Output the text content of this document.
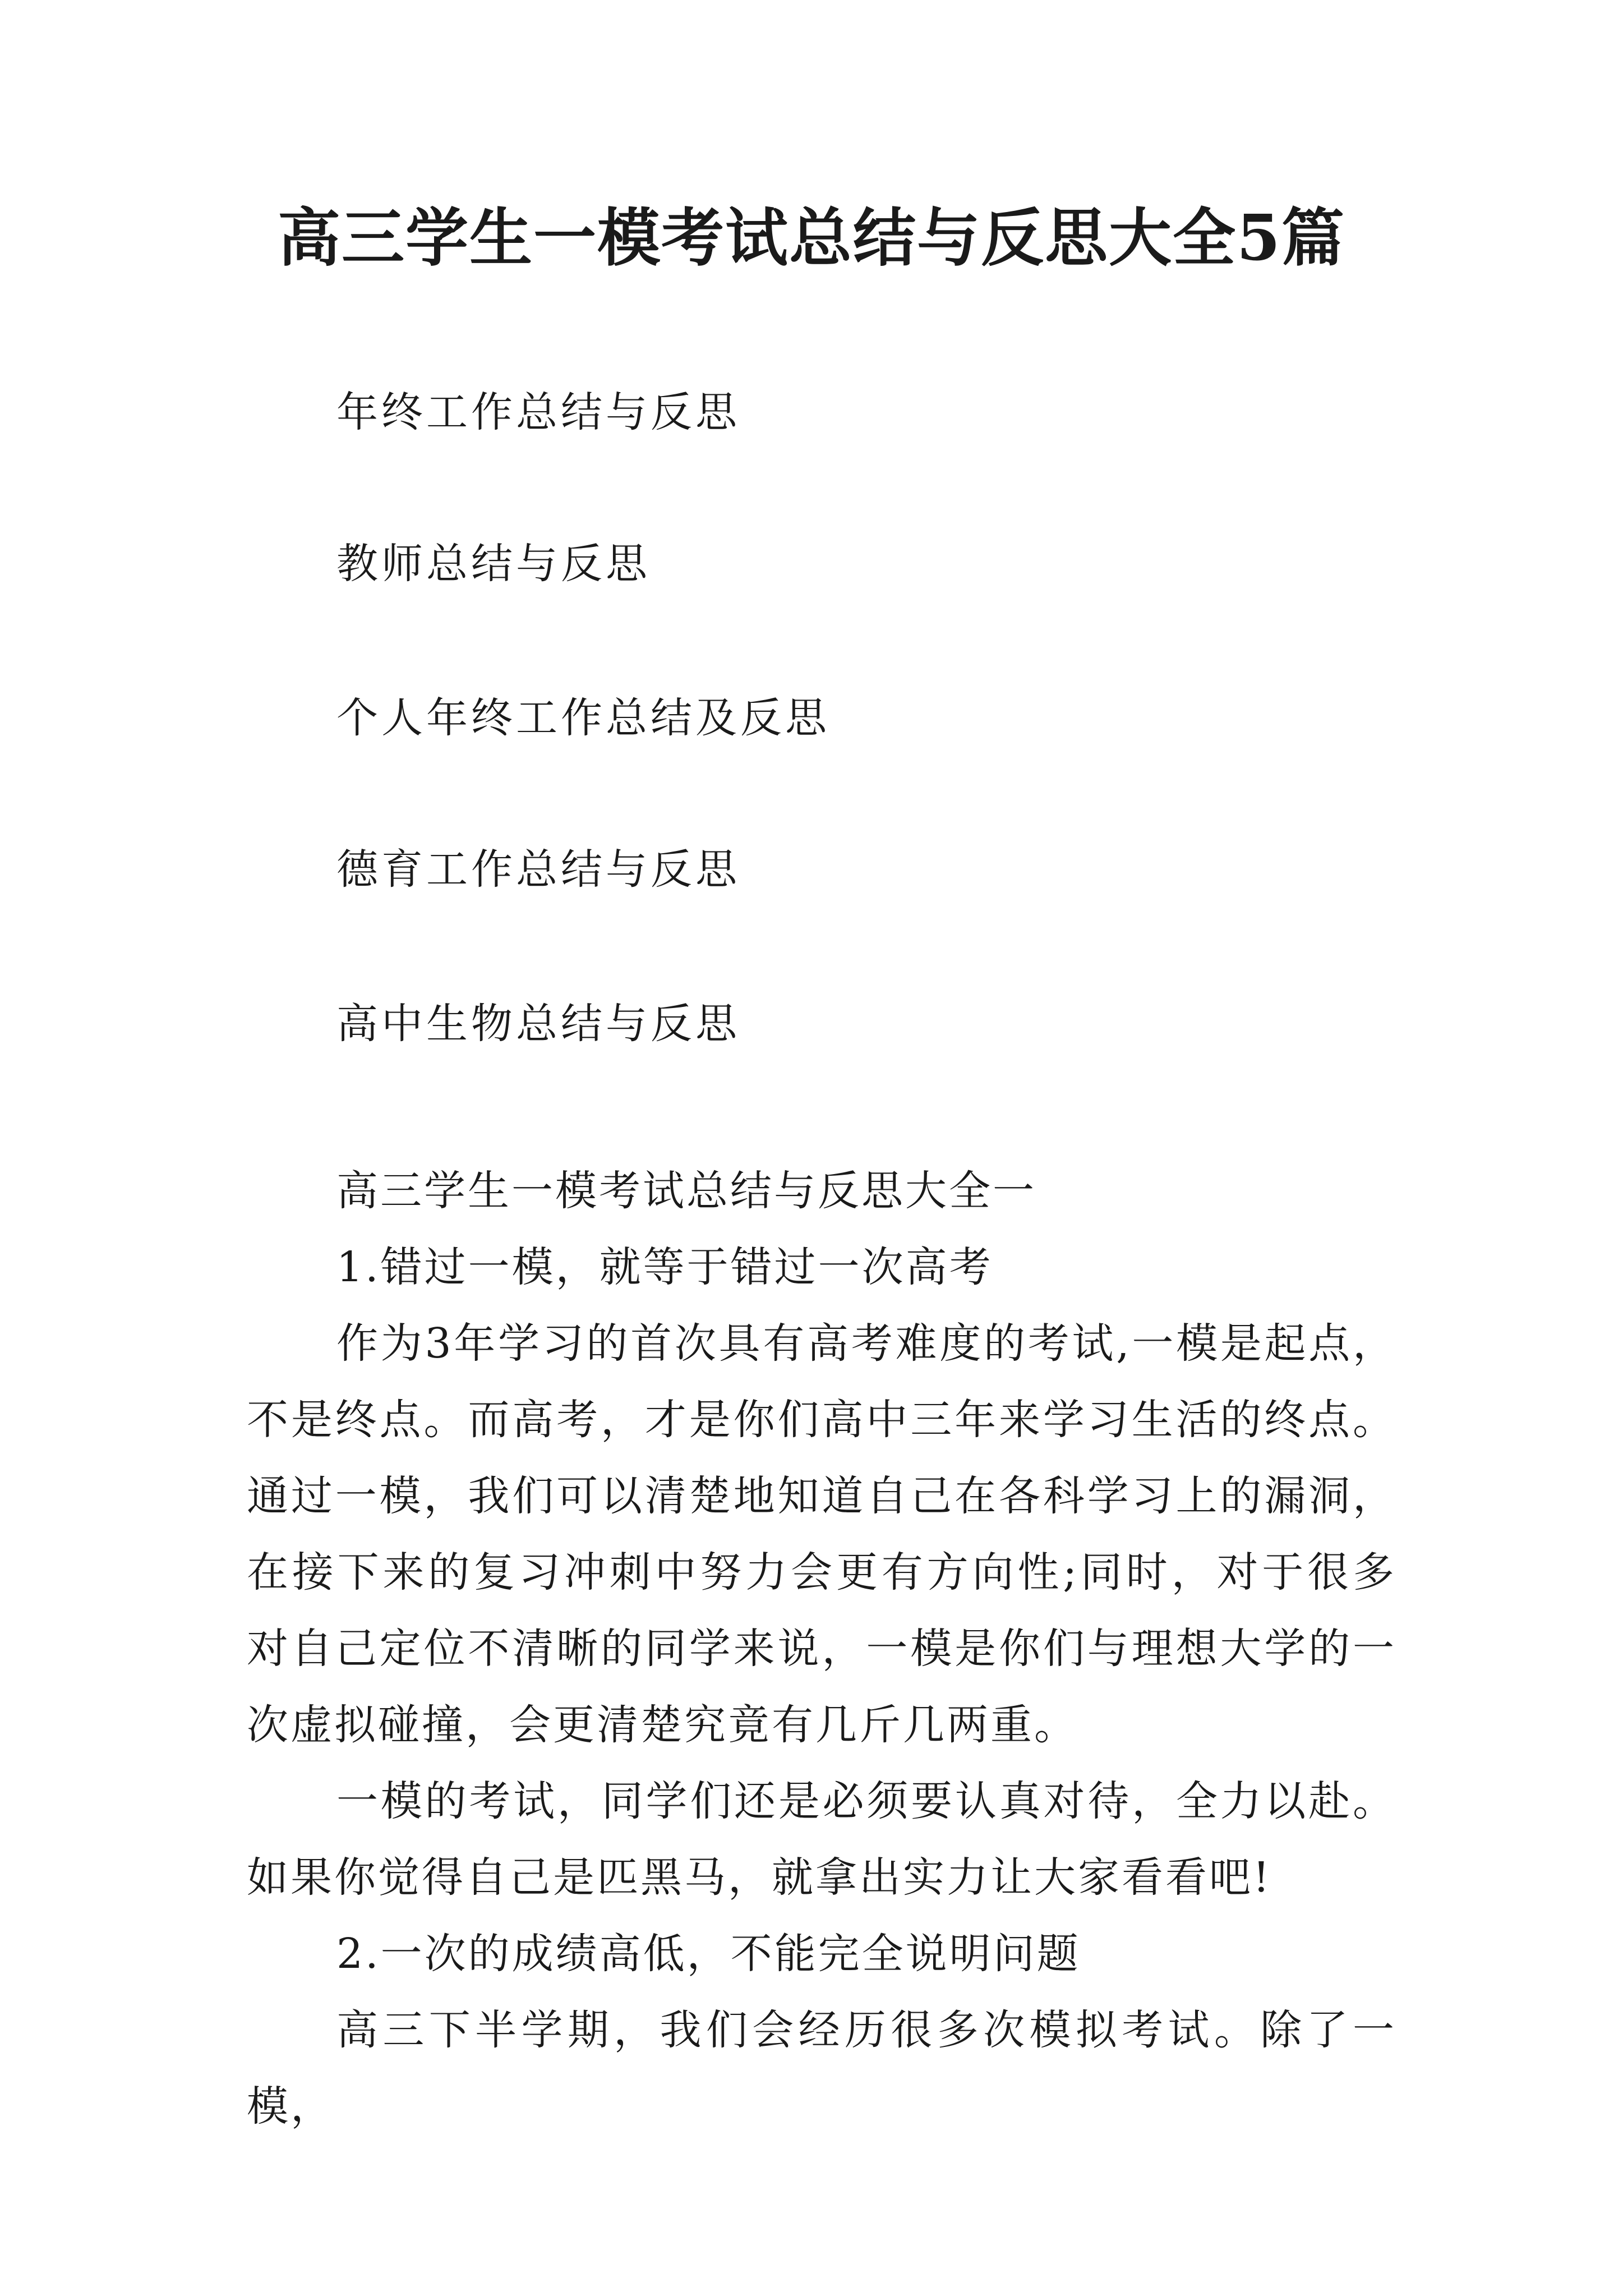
高三学生一模考试总结与反思大全5篇
年终工作总结与反思
教师总结与反思
个人年终工作总结及反思
德育工作总结与反思
高中生物总结与反思

高三学生一模考试总结与反思大全一

1.错过一模，就等于错过一次高考

作为3年学习的首次具有高考难度的考试,一模是起点，不是终点。而高考，才是你们高中三年来学习生活的终点。通过一模，我们可以清楚地知道自己在各科学习上的漏洞，在接下来的复习冲刺中努力会更有方向性;同时，对于很多对自己定位不清晰的同学来说，一模是你们与理想大学的一次虚拟碰撞，会更清楚究竟有几斤几两重。

一模的考试，同学们还是必须要认真对待，全力以赴。如果你觉得自己是匹黑马，就拿出实力让大家看看吧!

2.一次的成绩高低，不能完全说明问题

高三下半学期，我们会经历很多次模拟考试。除了一模，
